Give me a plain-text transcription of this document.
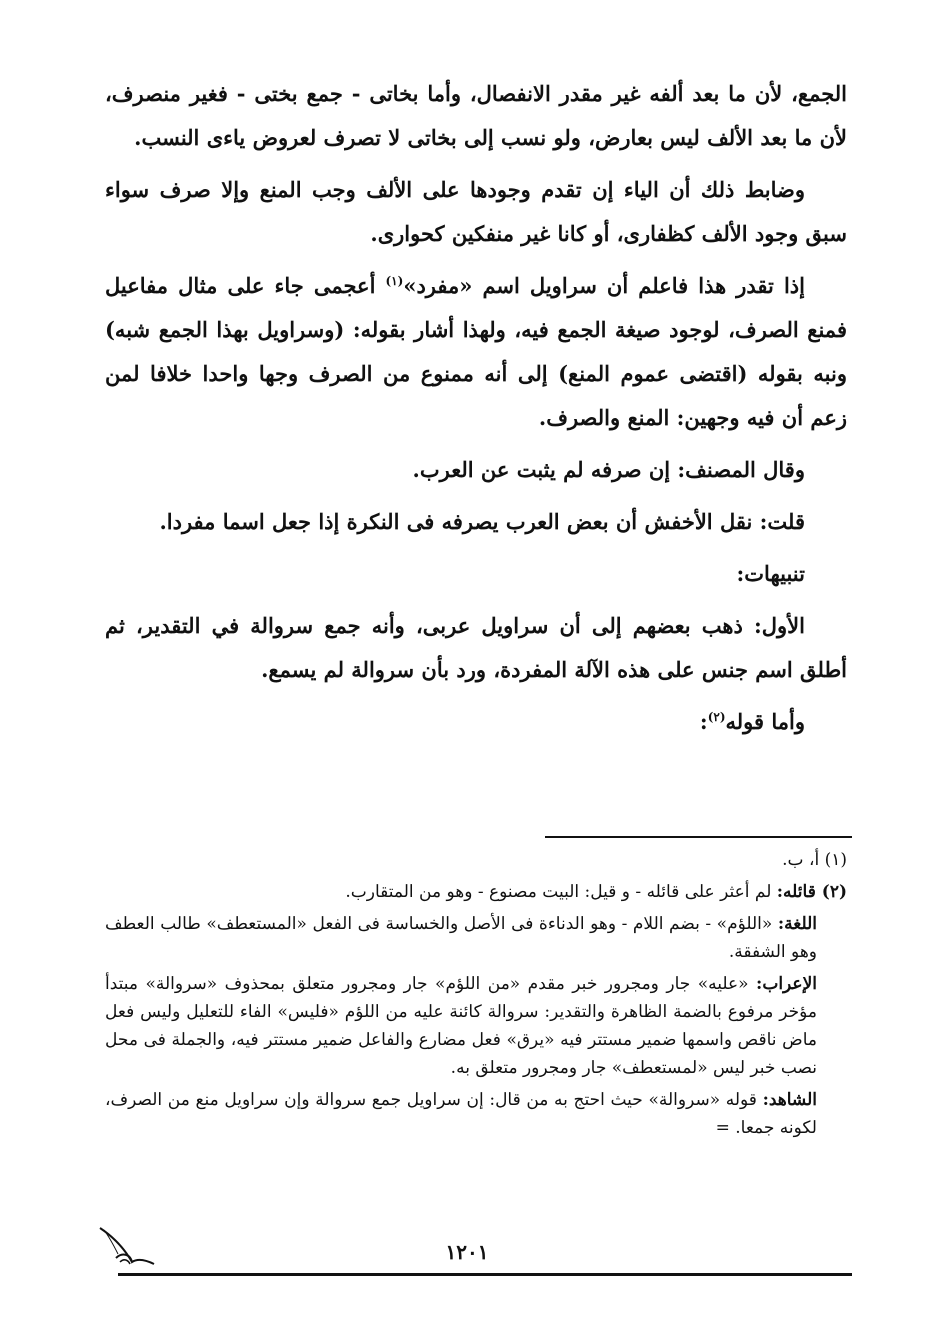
الجمع، لأن ما بعد ألفه غير مقدر الانفصال، وأما بخاتى - جمع بختى - فغير منصرف، لأن ما بعد الألف ليس بعارض، ولو نسب إلى بخاتى لا تصرف لعروض ياءى النسب.

وضابط ذلك أن الياء إن تقدم وجودها على الألف وجب المنع وإلا صرف سواء سبق وجود الألف كظفارى، أو كانا غير منفكين كحوارى.

إذا تقدر هذا فاعلم أن سراويل اسم «مفرد»$^{(١)}$ أعجمى جاء على مثال مفاعيل فمنع الصرف، لوجود صيغة الجمع فيه، ولهذا أشار بقوله: (وسراويل بهذا الجمع شبه) ونبه بقوله (اقتضى عموم المنع) إلى أنه ممنوع من الصرف وجها واحدا خلافا لمن زعم أن فيه وجهين: المنع والصرف.

وقال المصنف: إن صرفه لم يثبت عن العرب.

قلت: نقل الأخفش أن بعض العرب يصرفه فى النكرة إذا جعل اسما مفردا.

تنبيهات:

الأول: ذهب بعضهم إلى أن سراويل عربى، وأنه جمع سروالة في التقدير، ثم أطلق اسم جنس على هذه الآلة المفردة، ورد بأن سروالة لم يسمع.

وأما قوله$^{(٢)}$:

(١) أ، ب.

(٢) قائله: لم أعثر على قائله - و قيل: البيت مصنوع - وهو من المتقارب.

اللغة: «اللؤم» - بضم اللام - وهو الدناءة فى الأصل والخساسة فى الفعل «المستعطف» طالب العطف وهو الشفقة.

الإعراب: «عليه» جار ومجرور خبر مقدم «من اللؤم» جار ومجرور متعلق بمحذوف «سروالة» مبتدأ مؤخر مرفوع بالضمة الظاهرة والتقدير: سروالة كائنة عليه من اللؤم «فليس» الفاء للتعليل وليس فعل ماض ناقص واسمها ضمير مستتر فيه «يرق» فعل مضارع والفاعل ضمير مستتر فيه، والجملة فى محل نصب خبر ليس «لمستعطف» جار ومجرور متعلق به.

الشاهد: قوله «سروالة» حيث احتج به من قال: إن سراويل جمع سروالة وإن سراويل منع من الصرف، لكونه جمعا. =

١٢٠١
